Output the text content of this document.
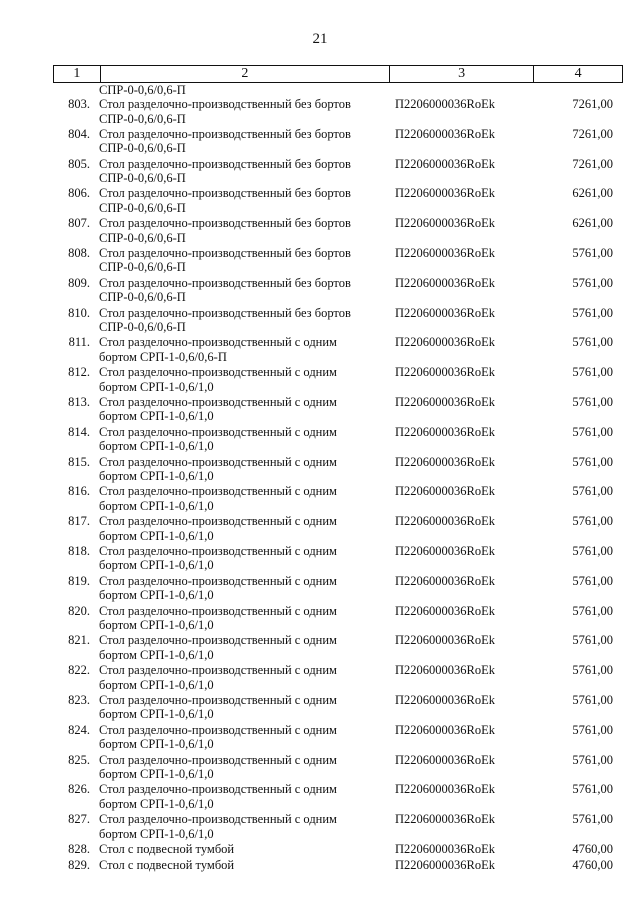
21
1	2	3	4
СПР-0-0,6/0,6-П
803. Стол разделочно-производственный без бортов
СПР-0-0,6/0,6-П
П2206000036RoEk	7261,00
804. Стол разделочно-производственный без бортов
СПР-0-0,6/0,6-П
П2206000036RoEk	7261,00
805. Стол разделочно-производственный без бортов
СПР-0-0,6/0,6-П
П2206000036RoEk	7261,00
806. Стол разделочно-производственный без бортов
СПР-0-0,6/0,6-П
П2206000036RoEk	6261,00
807. Стол разделочно-производственный без бортов
СПР-0-0,6/0,6-П
П2206000036RoEk	6261,00
808. Стол разделочно-производственный без бортов
СПР-0-0,6/0,6-П
П2206000036RoEk	5761,00
809. Стол разделочно-производственный без бортов
СПР-0-0,6/0,6-П
П2206000036RoEk	5761,00
810. Стол разделочно-производственный без бортов
СПР-0-0,6/0,6-П
П2206000036RoEk	5761,00
811. Стол разделочно-производственный с одним
бортом СРП-1-0,6/0,6-П
П2206000036RoEk	5761,00
812. Стол разделочно-производственный с одним
бортом СРП-1-0,6/1,0
П2206000036RoEk	5761,00
813. Стол разделочно-производственный с одним
бортом СРП-1-0,6/1,0
П2206000036RoEk	5761,00
814. Стол разделочно-производственный с одним
бортом СРП-1-0,6/1,0
П2206000036RoEk	5761,00
815. Стол разделочно-производственный с одним
бортом СРП-1-0,6/1,0
П2206000036RoEk	5761,00
816. Стол разделочно-производственный с одним
бортом СРП-1-0,6/1,0
П2206000036RoEk	5761,00
817. Стол разделочно-производственный с одним
бортом СРП-1-0,6/1,0
П2206000036RoEk	5761,00
818. Стол разделочно-производственный с одним
бортом СРП-1-0,6/1,0
П2206000036RoEk	5761,00
819. Стол разделочно-производственный с одним
бортом СРП-1-0,6/1,0
П2206000036RoEk	5761,00
820. Стол разделочно-производственный с одним
бортом СРП-1-0,6/1,0
П2206000036RoEk	5761,00
821. Стол разделочно-производственный с одним
бортом СРП-1-0,6/1,0
П2206000036RoEk	5761,00
822. Стол разделочно-производственный с одним
бортом СРП-1-0,6/1,0
П2206000036RoEk	5761,00
823. Стол разделочно-производственный с одним
бортом СРП-1-0,6/1,0
П2206000036RoEk	5761,00
824. Стол разделочно-производственный с одним
бортом СРП-1-0,6/1,0
П2206000036RoEk	5761,00
825. Стол разделочно-производственный с одним
бортом СРП-1-0,6/1,0
П2206000036RoEk	5761,00
826. Стол разделочно-производственный с одним
бортом СРП-1-0,6/1,0
П2206000036RoEk	5761,00
827. Стол разделочно-производственный с одним
бортом СРП-1-0,6/1,0
П2206000036RoEk	5761,00
828. Стол с подвесной тумбой	П2206000036RoEk	4760,00
829. Стол с подвесной тумбой	П2206000036RoEk	4760,00
